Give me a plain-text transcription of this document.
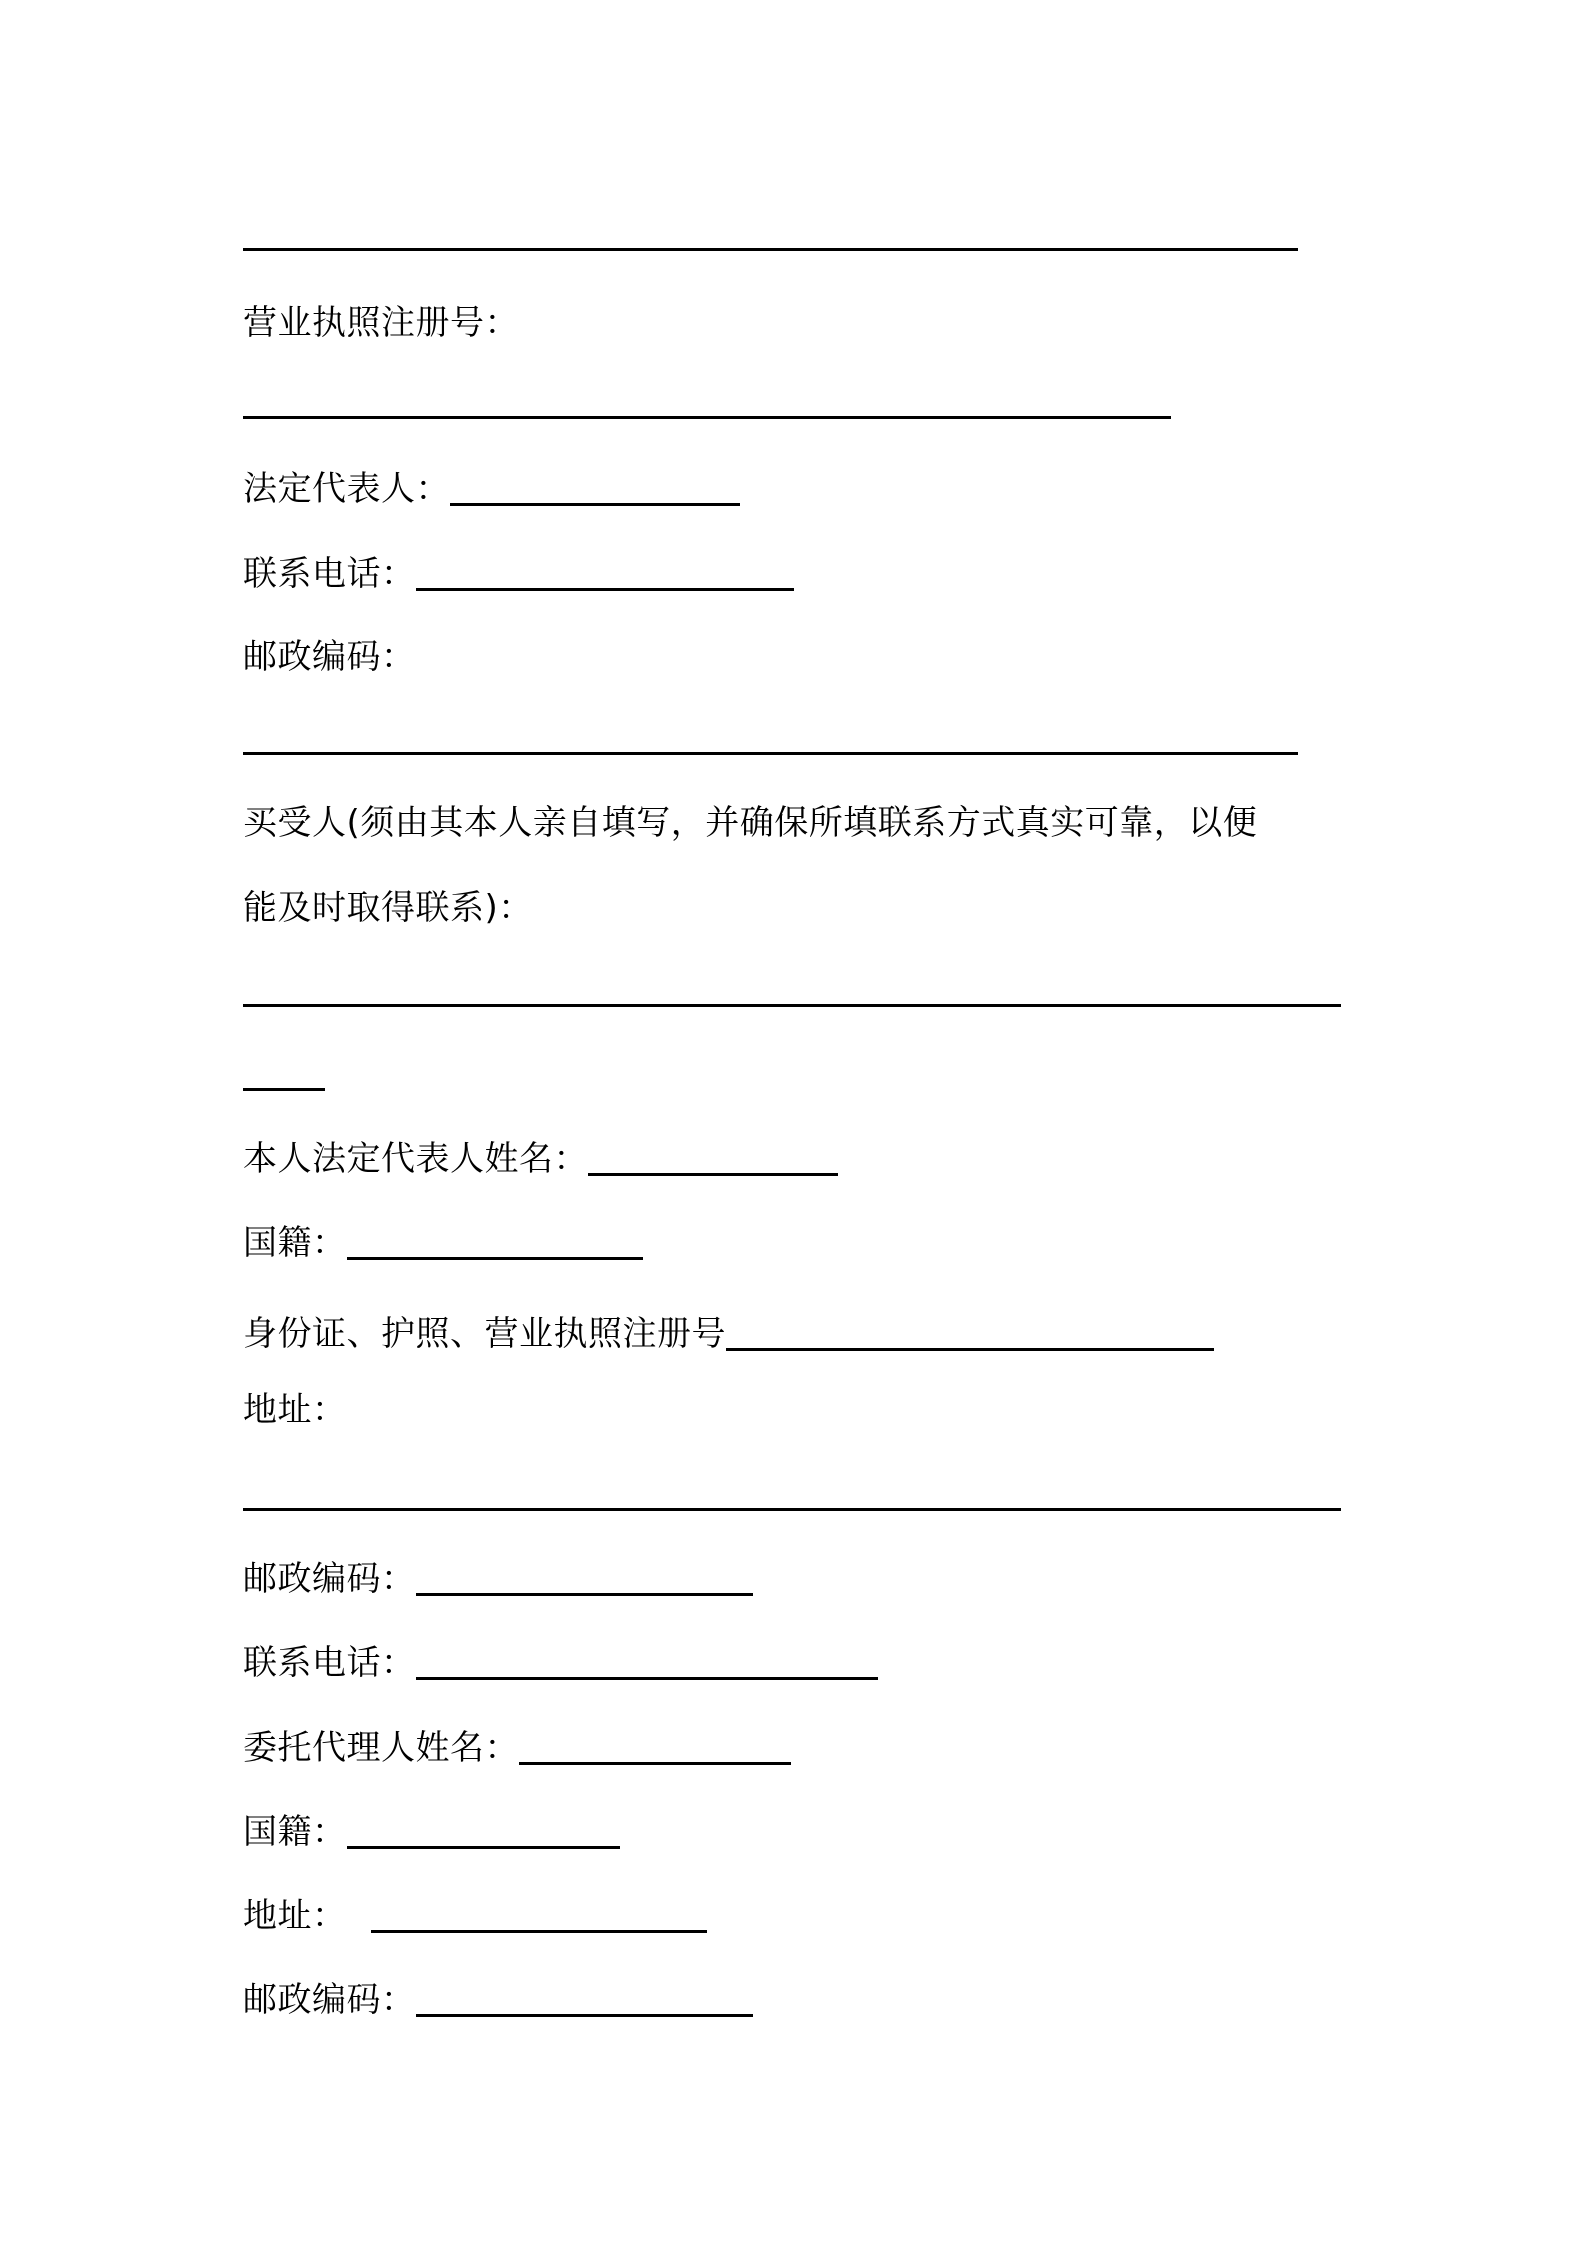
营业执照注册号：
法定代表人：
联系电话：
邮政编码：
买受人(须由其本人亲自填写，并确保所填联系方式真实可靠，以便
能及时取得联系)：
本人法定代表人姓名：
国籍：
身份证、护照、营业执照注册号
地址：
邮政编码：
联系电话：
委托代理人姓名：
国籍：
地址：
邮政编码：
